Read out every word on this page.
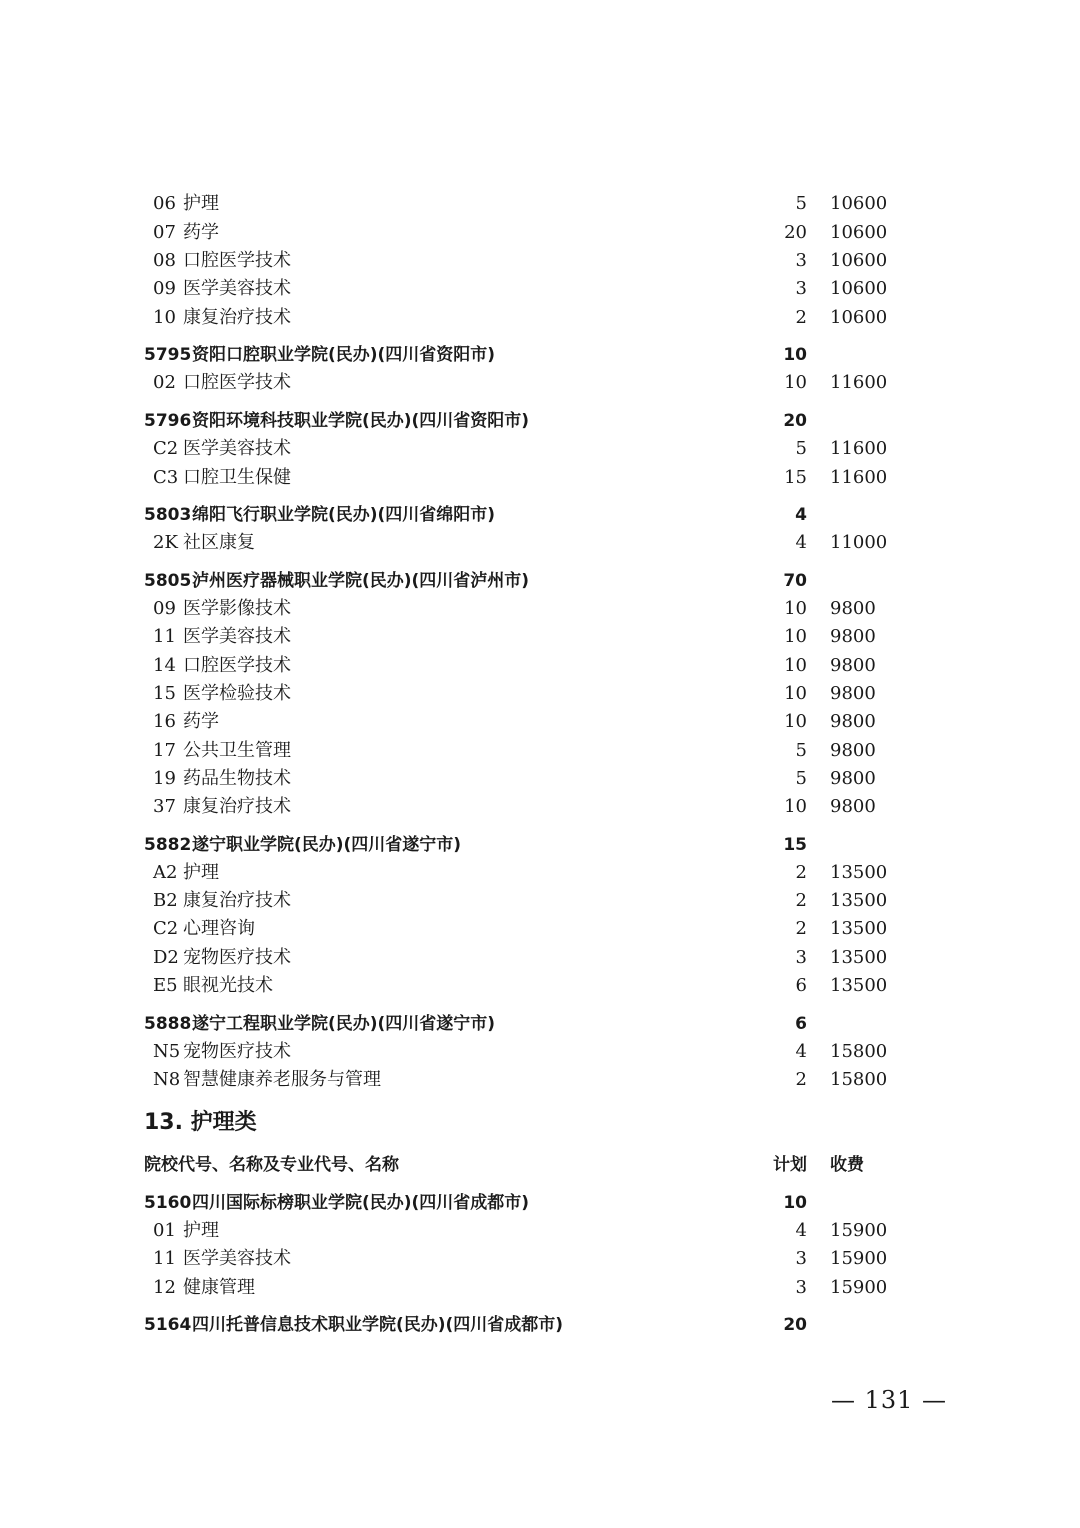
06 护理	5 10600
07 药学	20 10600
08 口腔医学技术	3 10600
09 医学美容技术	3 10600
10 康复治疗技术	2 10600
5795 资阳口腔职业学院(民办)(四川省资阳市)	10
02 口腔医学技术	10 11600
5796 资阳环境科技职业学院(民办)(四川省资阳市)	20
C2 医学美容技术	5 11600
C3 口腔卫生保健	15 11600
5803 绵阳飞行职业学院(民办)(四川省绵阳市)	4
2K 社区康复	4 11000
5805 泸州医疗器械职业学院(民办)(四川省泸州市)	70
09 医学影像技术	10 9800
11 医学美容技术	10 9800
14 口腔医学技术	10 9800
15 医学检验技术	10 9800
16 药学	10 9800
17 公共卫生管理	5 9800
19 药品生物技术	5 9800
37 康复治疗技术	10 9800
5882 遂宁职业学院(民办)(四川省遂宁市)	15
A2 护理	2 13500
B2 康复治疗技术	2 13500
C2 心理咨询	2 13500
D2 宠物医疗技术	3 13500
E5 眼视光技术	6 13500
5888 遂宁工程职业学院(民办)(四川省遂宁市)	6
N5 宠物医疗技术	4 15800
N8 智慧健康养老服务与管理	2 15800
13. 护理类
院校代号、名称及专业代号、名称	计划 收费
5160 四川国际标榜职业学院(民办)(四川省成都市)	10
01 护理	4 15900
11 医学美容技术	3 15900
12 健康管理	3 15900
5164 四川托普信息技术职业学院(民办)(四川省成都市)	20
— 131 —
